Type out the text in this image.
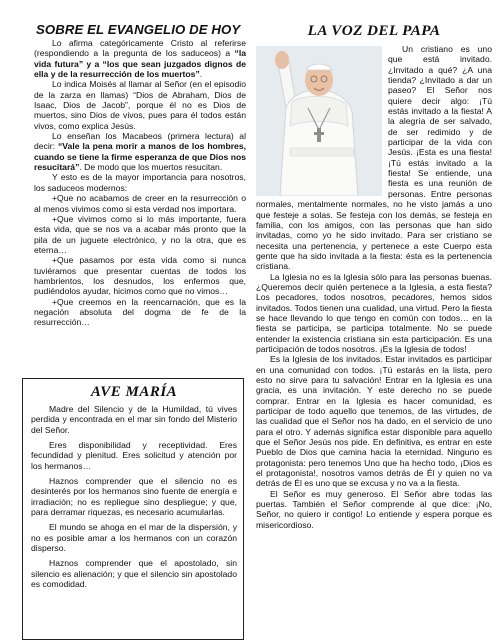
SOBRE EL EVANGELIO DE HOY

Lo afirma categóricamente Cristo al referirse (respondiendo a la pregunta de los saduceos) a “la vida futura” y a “los que sean juzgados dignos de ella y de la resurrección de los muertos”.

Lo indica Moisés al llamar al Señor (en el episodio de la zarza en llamas) “Dios de Abraham, Dios de Isaac, Dios de Jacob”, porque él no es Dios de muertos, sino Dios de vivos, pues para él todos están vivos, como explica Jesús.

Lo enseñan los Macabeos (primera lectura) al decir: “Vale la pena morir a manos de los hombres, cuando se tiene la firme esperanza de que Dios nos resucitará”. De modo que los muertos resucitan.

Y esto es de la mayor importancia para nosotros, los saduceos modernos:

+Que no acabamos de creer en la resurrección o al menos vivimos como si esta verdad nos importara.

+Que vivimos como si lo más importante, fuera esta vida, que se nos va a acabar más pronto que la pila de un juguete electrónico, y no la otra, que es eterna…

+Que pasamos por esta vida como si nunca tuviéramos que presentar cuentas de todos los hambrientos, los desnudos, los enfermos que, pudiéndolos ayudar, hicimos como que no vimos…

+Que creemos en la reencarnación, que es la negación absoluta del dogma de fe de la resurrección…

AVE MARÍA

Madre del Silencio y de la Humildad, tú vives perdida y encontrada en el mar sin fondo del Misterio del Señor.

Eres disponibilidad y receptividad. Eres fecundidad y plenitud. Eres solicitud y atención por los hermanos…

Haznos comprender que el silencio no es desinterés por los hermanos sino fuente de energía e irradiación; no es repliegue sino despliegue; y que, para derramar riquezas, es necesario acumularlas.

El mundo se ahoga en el mar de la dispersión, y no es posible amar a los hermanos con un corazón disperso.

Haznos comprender que el apostolado, sin silencio es alienación; y que el silencio sin apostolado es comodidad.

LA VOZ DEL PAPA

Un cristiano es uno que está invitado. ¿Invitado a qué? ¿A una tienda? ¿Invitado a dar un paseo? El Señor nos quiere decir algo: ¡Tú estás invitado a la fiesta! A la alegría de ser salvado, de ser redimido y de participar de la vida con Jesús. ¡Esta es una fiesta! ¡Tú estás invitado a la fiesta! Se entiende, una fiesta es una reunión de personas. Entre personas normales, mentalmente normales, no he visto jamás a uno que festeje a solas. Se festeja con los demás, se festeja en familia, con los amigos, con las personas que han sido invitadas, como yo he sido invitado. Para ser cristiano se necesita una pertenencia, y pertenece a este Cuerpo esta gente que ha sido invitada a la fiesta: ésta es la pertenencia cristiana.

La Iglesia no es la Iglesia sólo para las personas buenas. ¿Queremos decir quién pertenece a la Iglesia, a esta fiesta? Los pecadores, todos nosotros, pecadores, hemos sidos invitados. Todos tienen una cualidad, una virtud. Pero la fiesta se hace llevando lo que tengo en común con todos… en la fiesta se participa, se participa totalmente. No se puede entender la existencia cristiana sin esta participación. Es una participación de todos nosotros. ¡Es la Iglesia de todos!

Es la Iglesia de los invitados. Estar invitados es participar en una comunidad con todos. ¡Tú estarás en la lista, pero esto no sirve para tu salvación! Entrar en la Iglesia es una gracia, es una invitación. Y este derecho no se puede comprar. Entrar en la Iglesia es hacer comunidad, es participar de todo aquello que tenemos, de las virtudes, de las cualidad que el Señor nos ha dado, en el servicio de uno para el otro. Y además significa estar disponible para aquello que el Señor Jesús nos pide. En definitiva, es entrar en este Pueblo de Dios que camina hacia la eternidad. Ninguno es protagonista: pero tenemos Uno que ha hecho todo, ¡Dios es el protagonista!, nosotros vamos detrás de Él y quien no va detrás de Él es uno que se excusa y no va a la fiesta.

El Señor es muy generoso. El Señor abre todas las puertas. También el Señor comprende al que dice: ¡No, Señor, no quiero ir contigo! Lo entiende y espera porque es misericordioso.
